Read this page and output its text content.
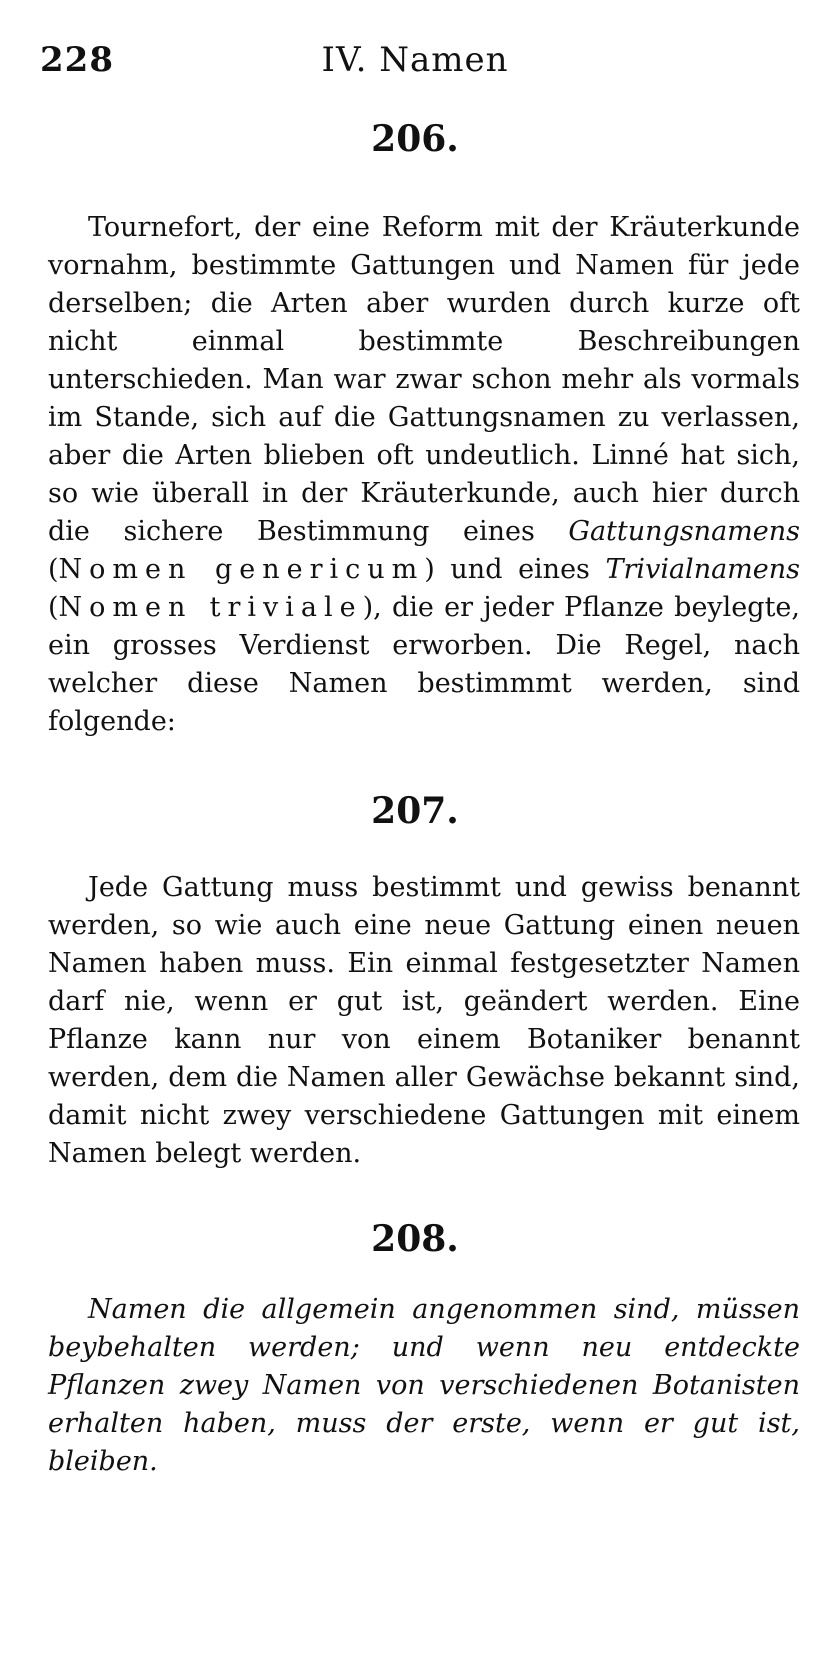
228	IV. Namen
206.

Tournefort, der eine Reform mit der Kräuterkunde vornahm, bestimmte Gattungen und Namen für jede derselben; die Arten aber wurden durch kurze oft nicht einmal bestimmte Beschreibungen unterschieden. Man war zwar schon mehr als vormals im Stande, sich auf die Gattungsnamen zu verlassen, aber die Arten blieben oft undeutlich. Linné hat sich, so wie überall in der Kräuterkunde, auch hier durch die sichere Bestimmung eines Gattungsnamens (Nomen genericum) und eines Trivialnamens (Nomen triviale), die er jeder Pflanze beylegte, ein grosses Verdienst erworben. Die Regel, nach welcher diese Namen bestimmmt werden, sind folgende:

207.

Jede Gattung muss bestimmt und gewiss benannt werden, so wie auch eine neue Gattung einen neuen Namen haben muss. Ein einmal festgesetzter Namen darf nie, wenn er gut ist, geändert werden. Eine Pflanze kann nur von einem Botaniker benannt werden, dem die Namen aller Gewächse bekannt sind, damit nicht zwey verschiedene Gattungen mit einem Namen belegt werden.

208.

Namen die allgemein angenommen sind, müssen beybehalten werden; und wenn neu entdeckte Pflanzen zwey Namen von verschiedenen Botanisten erhalten haben, muss der erste, wenn er gut ist, bleiben.
